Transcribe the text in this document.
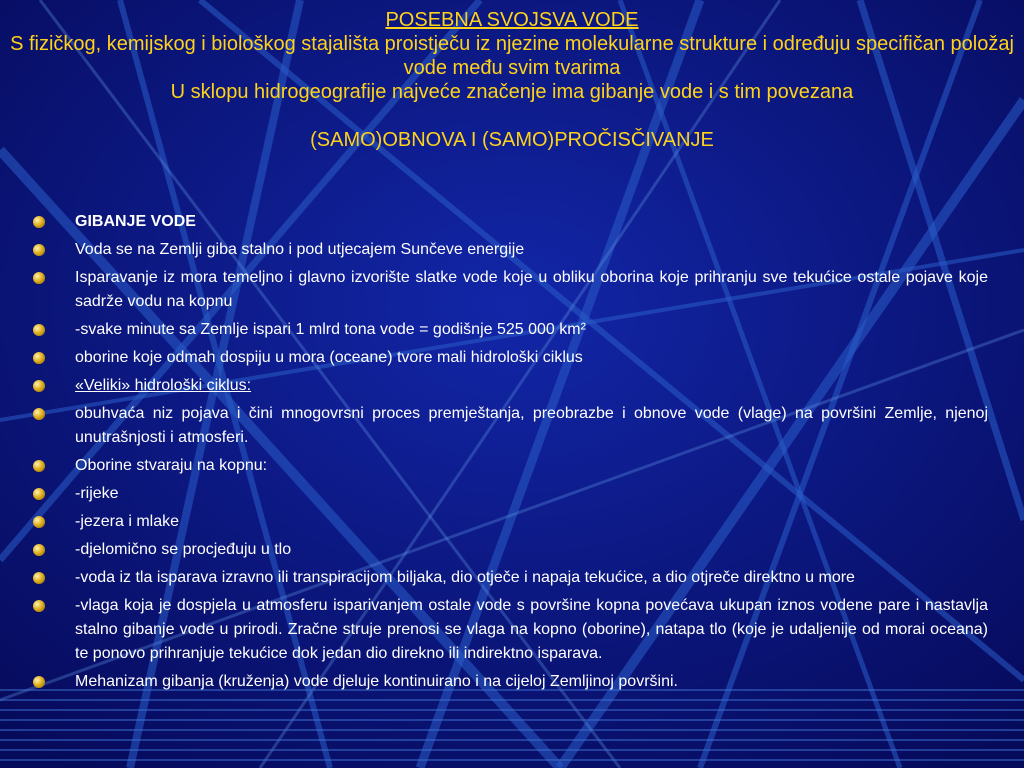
POSEBNA SVOJSVA VODE
S fizičkog, kemijskog i biološkog stajališta proistječu iz njezine molekularne strukture i određuju specifičan položaj vode među svim tvarima
U sklopu hidrogeografije najveće značenje ima gibanje vode i s tim povezana
(SAMO)OBNOVA I (SAMO)PROČISČIVANJE
GIBANJE VODE
Voda se na Zemlji giba stalno i pod utjecajem Sunčeve energije
Isparavanje iz mora temeljno i glavno izvorište slatke vode koje u obliku oborina koje prihranju sve tekućice ostale pojave koje sadrže vodu na kopnu
-svake minute sa Zemlje ispari 1 mlrd tona vode = godišnje 525 000 km²
oborine koje odmah dospiju u mora (oceane) tvore mali hidrološki ciklus
«Veliki» hidrološki ciklus:
obuhvaća niz pojava i čini mnogovrsni proces premještanja, preobrazbe i obnove vode (vlage) na površini Zemlje, njenoj unutrašnjosti i atmosferi.
Oborine stvaraju na kopnu:
-rijeke
-jezera i mlake
-djelomično se procjeđuju u tlo
-voda iz tla isparava izravno ili transpiracijom biljaka, dio otječe i napaja tekućice, a dio otjreče direktno u more
-vlaga koja je dospjela u atmosferu isparivanjem ostale vode s površine kopna povećava ukupan iznos vodene pare i nastavlja stalno gibanje vode u prirodi. Zračne struje prenosi se vlaga na kopno (oborine), natapa tlo (koje je udaljenije od morai oceana) te ponovo prihranjuje tekućice dok jedan dio direkno ili indirektno isparava.
Mehanizam gibanja (kruženja) vode djeluje kontinuirano i na cijeloj Zemljinoj površini.
